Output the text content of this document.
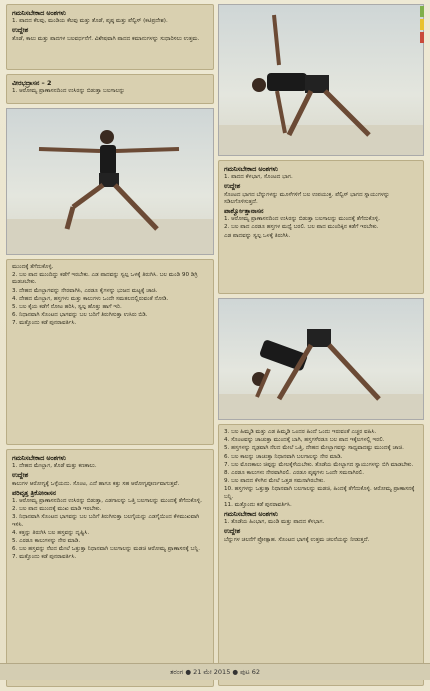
ಗಮನಿಸಬೇಕಾದ ಅಂಶಗಳು
1. ಪಾದದ ಕೆಲವು, ಮಂಡಿಯ ಕೆಲವು ಮತ್ತು ತೊಡೆ, ಪೃಷ್ಠ ಮತ್ತು ಪೆಲ್ವಿಸ್ (ಕಟಿಪ್ರದೇಶ).
ಉದ್ದೇಶ
ತೊಡೆ, ಕಾಲು ಮತ್ತು ಪಾದಗಳ ಬಲವರ್ಧನೆಗೆ. ವಿಶೇಷವಾಗಿ ಪಾದದ ಕಮಾನುಗಳನ್ನು ಸುಧಾರಿಸಲು ಉತ್ತಮ.
ವೀರಭದ್ರಾಸನ – 2
1. ಆರೋಮ್ಯ ಪ್ರಾಣಾಸನದಿಂದ ಉಸಿರನ್ನು ಬಿಡುತ್ತಾ ಬಲಗಾಲನ್ನು
ಮುಂದಕ್ಕೆ ತೆಗೆದುಕೊಳ್ಳಿ.
2. ಬಲ ಪಾದ ಮುಂದಿದ್ದು ಕಡೆಗೆ ಇರಬೇಕು. ಎಡ ಪಾದವನ್ನು ಸ್ವಲ್ಪ ಒಳಕ್ಕೆ ತಿರುಗಿಸಿ. ಬಲ ಮಂಡಿ 90 ಡಿಗ್ರಿ ಮಡಚಬೇಕು.
3. ದೇಹದ ಮೇಲ್ಭಾಗವನ್ನು ನೇರವಾಗಿಸಿ, ಎರಡೂ ಕೈಗಳನ್ನು ಭುಜದ ಮಟ್ಟಕ್ಕೆ ಚಾಚಿ.
4. ದೇಹದ ಮೇಲ್ಭಾಗ, ಹಸ್ತಗಳು ಮತ್ತು ಕಾಲುಗಳು ಒಂದೇ ಸಮತಲದಲ್ಲಿರುವಂತೆ ನೋಡಿ.
5. ಬಲ ಕೈಯ ಕಡೆಗೆ ನೋಟ ಹರಿಸಿ, ಸ್ವಲ್ಪ ಹೊತ್ತು ಹಾಗೆ ಇರಿ.
6. ನಿಧಾನವಾಗಿ ಸೊಂಟದ ಭಾಗವನ್ನು ಬಲ ಬದಿಗೆ ತಿರುಗಿಸುತ್ತಾ ಉಸಿರು ಬಿಡಿ.
7. ಮತ್ತೊಂದು ಕಡೆ ಪುನರಾವರ್ತಿಸಿ.
ಗಮನಿಸಬೇಕಾದ ಅಂಶಗಳು
1. ದೇಹದ ಮೇಲ್ಭಾಗ, ತೊಡೆ ಮತ್ತು ಕಣಕಾಲು.
ಉದ್ದೇಶ
ಕಾಲುಗಳ ಆರೋಗ್ಯಕ್ಕೆ ಒಳ್ಳೆಯದು. ಸೊಂಟ, ಎದೆ ಹಾಗೂ ಕತ್ತು ಸಹ ಆರೋಗ್ಯಪೂರ್ಣವಾಗುತ್ತವೆ.
ಪರಿವೃತ್ತ ತ್ರಿಕೋನಾಸನ
1. ಆರೋಮ್ಯ ಪ್ರಾಣಾಸನದಿಂದ ಉಸಿರನ್ನು ಬಿಡುತ್ತಾ, ಎಡಗಾಲನ್ನು ಒತ್ತಿ ಬಲಗಾಲನ್ನು ಮುಂದಕ್ಕೆ ತೆಗೆದುಕೊಳ್ಳಿ.
2. ಬಲ ಪಾದ ಮುಂದಕ್ಕೆ ಮುಖ ಮಾಡಿ ಇರಬೇಕು.
3. ನಿಧಾನವಾಗಿ ಸೊಂಟದ ಭಾಗವನ್ನು ಬಲ ಬದಿಗೆ ತಿರುಗಿಸುತ್ತಾ ಬಲಗೈಯನ್ನು ಎಡಗೈಯಿಂದ ಕೆಳಮುಖವಾಗಿ ಇಳಿಸಿ.
4. ಕತ್ತನ್ನು ತಿರುಗಿಸಿ ಬಲ ಹಸ್ತವನ್ನು ದೃಷ್ಟಿಸಿ.
5. ಎರಡೂ ಕಾಲುಗಳನ್ನು ನೇರ ಮಾಡಿ.
6. ಬಲ ಹಸ್ತವನ್ನು ನೆಲದ ಮೇಲೆ ಒತ್ತುತ್ತಾ ನಿಧಾನವಾಗಿ ಬಲಗಾಲನ್ನು ಮಡಚಿ ಆರೋಮ್ಯ ಪ್ರಾಣಾಸನಕ್ಕೆ ಬನ್ನಿ.
7. ಮತ್ತೊಂದು ಕಡೆ ಪುನರಾವರ್ತಿಸಿ.
ಗಮನಿಸಬೇಕಾದ ಅಂಶಗಳು
1. ಪಾದದ ಕೆಳಭಾಗ, ಸೊಂಟದ ಭಾಗ.
ಉದ್ದೇಶ
ಸೊಂಟದ ಭಾಗದ ಬೆನ್ನುಗಳನ್ನು ಮೂಳೆಗಳಿಗೆ ಬಲ ಉಪಯುಕ್ತ. ಪೆಲ್ವಿಸ್ ಭಾಗದ ಸ್ನಾಯುಗಳನ್ನು ಸಡಿಲಗೊಳಿಸುತ್ತದೆ.
ಪಾರ್ಶ್ವೋತ್ತಾನಾಸನ
1. ಆರೋಮ್ಯ ಪ್ರಾಣಾಸನದಿಂದ ಉಸಿರನ್ನು ಬಿಡುತ್ತಾ ಬಲಗಾಲನ್ನು ಮುಂದಕ್ಕೆ ತೆಗೆದುಕೊಳ್ಳಿ.
2. ಬಲ ಪಾದ ಎರಡೂ ಹಸ್ತಗಳ ಮಧ್ಯೆ ಬರಲಿ. ಬಲ ಪಾದ ಮುಂದಿಕ್ಕಿನ ಕಡೆಗೆ ಇರಬೇಕು.
ಎಡ ಪಾದವನ್ನು ಸ್ವಲ್ಪ ಒಳಕ್ಕೆ ತಿರುಗಿಸಿ.
3. ಬಲ ಹಿಮ್ಮಡಿ ಮತ್ತು ಎಡ ಹಿಮ್ಮಡಿ ಒಂದರ ಹಿಂದೆ ಒಂದು ಇರುವಂತೆ ಎಚ್ಚರ ವಹಿಸಿ.
4. ಸೊಂಟವನ್ನು ಚಾಚುತ್ತಾ ಮುಂದಕ್ಕೆ ಬಾಗಿ, ಹಸ್ತಗಳೆರಡೂ ಬಲ ಪಾದ ಇಕ್ಕೆಲಗಳಲ್ಲಿ ಇರಲಿ.
5. ಹಸ್ತಗಳನ್ನು ದೃಢವಾಗಿ ನೆಲದ ಮೇಲೆ ಒತ್ತಿ, ದೇಹದ ಮೇಲ್ಭಾಗವನ್ನು ಸಾಧ್ಯವಾದಷ್ಟು ಮುಂದಕ್ಕೆ ಚಾಚಿ.
6. ಬಲ ಕಾಲನ್ನು ಚಾಚುತ್ತಾ ನಿಧಾನವಾಗಿ ಬಲಗಾಲನ್ನು ನೇರ ಮಾಡಿ.
7. ಬಲ ಮೊಣಕಾಲು ಚಿಪ್ಪನ್ನು ಮೇಲಕ್ಕೆಳೆಯಬೇಕು. ತೊಡೆಯ ಮೇಲ್ಭಾಗದ ಸ್ನಾಯುಗಳನ್ನು ಬಿಗಿ ಮಾಡಬೇಕು.
8. ಎರಡೂ ಕಾಲುಗಳು ನೇರವಾಗಿರಲಿ. ಎರಡೂ ಪೃಷ್ಠಗಳು ಒಂದೇ ಸಮನಾಗಿರಲಿ.
9. ಬಲ ಪಾದದ ಕೆಳಗಿನ ಮೇಲೆ ಒತ್ತಡ ಸಮನಾಗಿರಬೇಕು.
10. ಹಸ್ತಗಳನ್ನು ಒತ್ತುತ್ತಾ ನಿಧಾನವಾಗಿ ಬಲಗಾಲನ್ನು ಮಡಚಿ, ಹಿಂದಕ್ಕೆ ತೆಗೆದುಕೊಳ್ಳಿ. ಆರೋಮ್ಯ ಪ್ರಾಣಾಸನಕ್ಕೆ ಬನ್ನಿ.
11. ಮತ್ತೊಂದು ಕಡೆ ಪುನರಾವರ್ತಿಸಿ.
ಗಮನಿಸಬೇಕಾದ ಅಂಶಗಳು
1. ತೊಡೆಯ ಹಿಂಭಾಗ, ಮಂಡಿ ಮತ್ತು ಪಾದದ ಕೆಳಭಾಗ.
ಉದ್ದೇಶ
ಬೆನ್ನುಗಳ ಚಲನೆಗೆ ಪ್ರೋತ್ಸಾಹ. ಸೊಂಟದ ಭಾಗಕ್ಕೆ ಉತ್ತಮ ಚಲನೆಯನ್ನು ನೀಡುತ್ತದೆ.
ತರಂಗ ● 21 ಮೇ 2015 ● ಪುಟ 62
